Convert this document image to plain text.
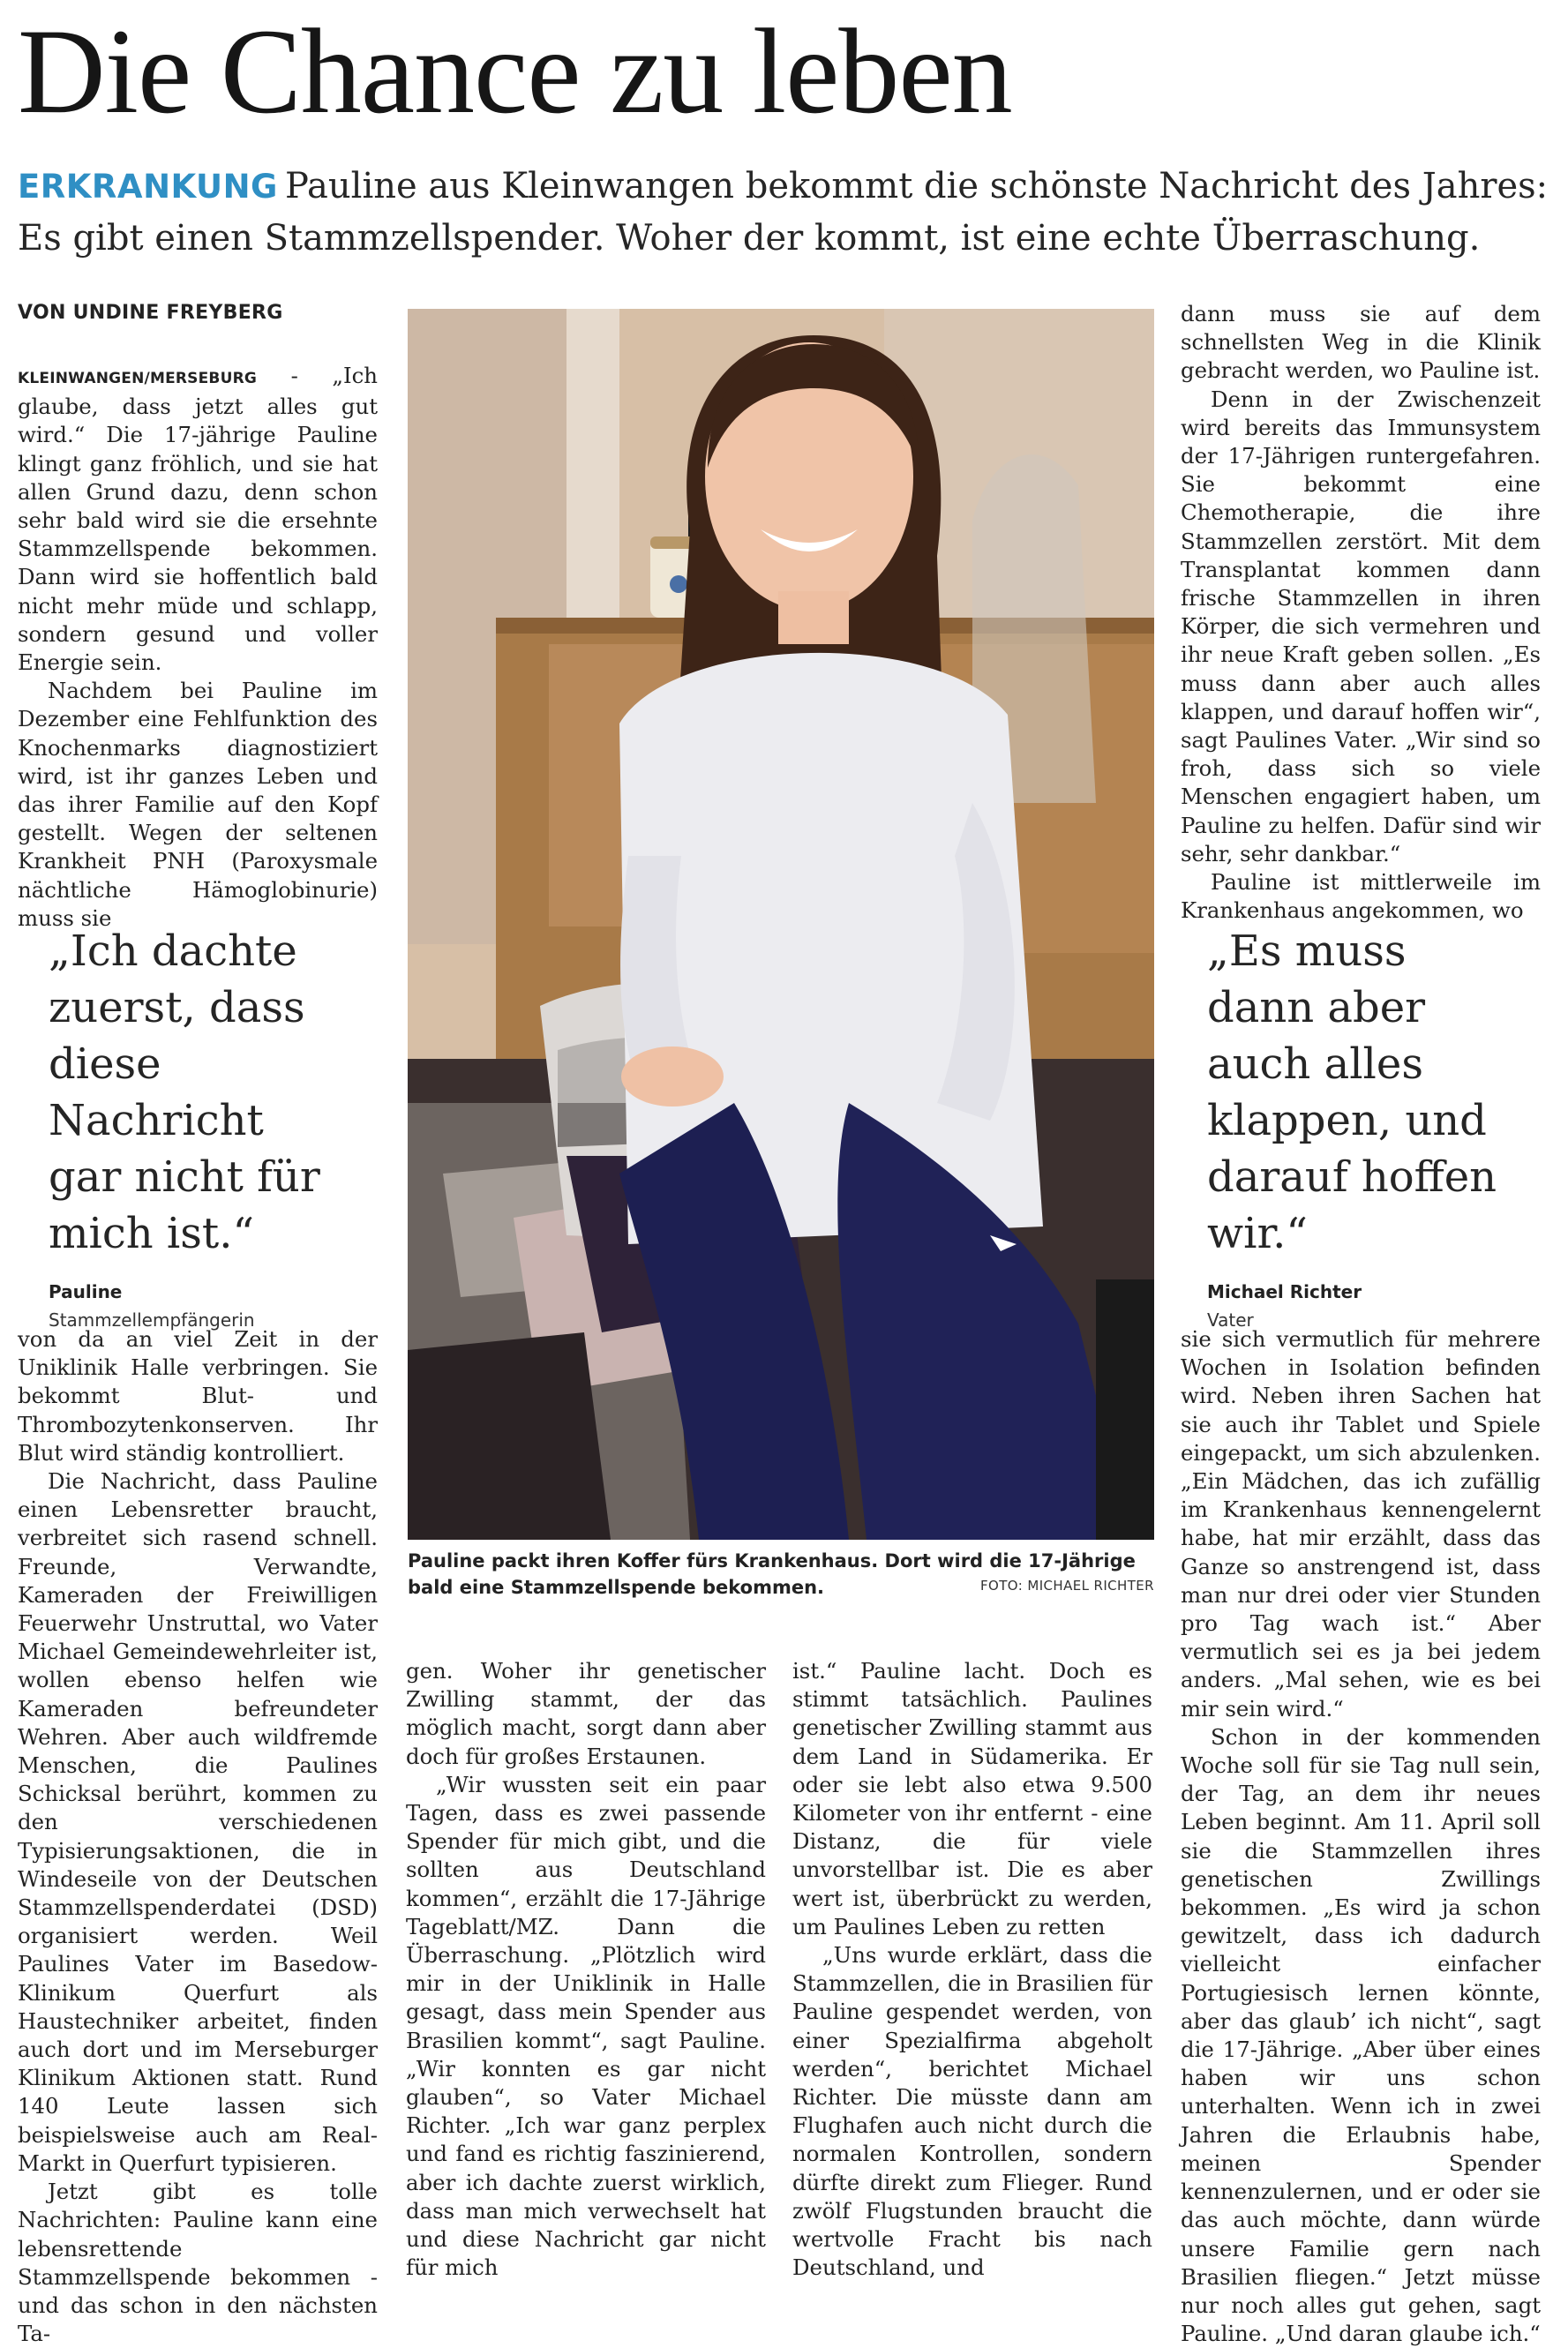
Die Chance zu leben
ERKRANKUNG Pauline aus Kleinwangen bekommt die schönste Nachricht des Jahres: Es gibt einen Stammzellspender. Woher der kommt, ist eine echte Überraschung.
VON UNDINE FREYBERG

KLEINWANGEN/MERSEBURG - „Ich glaube, dass jetzt alles gut wird.“ Die 17-jährige Pauline klingt ganz fröhlich, und sie hat allen Grund dazu, denn schon sehr bald wird sie die ersehnte Stammzellspende bekommen. Dann wird sie hoffentlich bald nicht mehr müde und schlapp, sondern gesund und voller Energie sein.

Nachdem bei Pauline im Dezember eine Fehlfunktion des Knochenmarks diagnostiziert wird, ist ihr ganzes Leben und das ihrer Familie auf den Kopf gestellt. Wegen der seltenen Krankheit PNH (Paroxysmale nächtliche Hämoglobinurie) muss sie

„Ich dachte zuerst, dass diese Nachricht gar nicht für mich ist.“
Pauline
Stammzellempfängerin

von da an viel Zeit in der Uniklinik Halle verbringen. Sie bekommt Blut- und Thrombozytenkonserven. Ihr Blut wird ständig kontrolliert.

Die Nachricht, dass Pauline einen Lebensretter braucht, verbreitet sich rasend schnell. Freunde, Verwandte, Kameraden der Freiwilligen Feuerwehr Unstruttal, wo Vater Michael Gemeindewehrleiter ist, wollen ebenso helfen wie Kameraden befreundeter Wehren. Aber auch wildfremde Menschen, die Paulines Schicksal berührt, kommen zu den verschiedenen Typisierungsaktionen, die in Windeseile von der Deutschen Stammzellspenderdatei (DSD) organisiert werden. Weil Paulines Vater im Basedow-Klinikum Querfurt als Haustechniker arbeitet, finden auch dort und im Merseburger Klinikum Aktionen statt. Rund 140 Leute lassen sich beispielsweise auch am Real-Markt in Querfurt typisieren.

Jetzt gibt es tolle Nachrichten: Pauline kann eine lebensrettende Stammzellspende bekommen - und das schon in den nächsten Ta-

Pauline packt ihren Koffer fürs Krankenhaus. Dort wird die 17-Jährige bald eine Stammzellspende bekommen.	FOTO: MICHAEL RICHTER

gen. Woher ihr genetischer Zwilling stammt, der das möglich macht, sorgt dann aber doch für großes Erstaunen.

„Wir wussten seit ein paar Tagen, dass es zwei passende Spender für mich gibt, und die sollten aus Deutschland kommen“, erzählt die 17-Jährige Tageblatt/MZ. Dann die Überraschung. „Plötzlich wird mir in der Uniklinik in Halle gesagt, dass mein Spender aus Brasilien kommt“, sagt Pauline. „Wir konnten es gar nicht glauben“, so Vater Michael Richter. „Ich war ganz perplex und fand es richtig faszinierend, aber ich dachte zuerst wirklich, dass man mich verwechselt hat und diese Nachricht gar nicht für mich

ist.“ Pauline lacht. Doch es stimmt tatsächlich. Paulines genetischer Zwilling stammt aus dem Land in Südamerika. Er oder sie lebt also etwa 9.500 Kilometer von ihr entfernt - eine Distanz, die für viele unvorstellbar ist. Die es aber wert ist, überbrückt zu werden, um Paulines Leben zu retten

„Uns wurde erklärt, dass die Stammzellen, die in Brasilien für Pauline gespendet werden, von einer Spezialfirma abgeholt werden“, berichtet Michael Richter. Die müsste dann am Flughafen auch nicht durch die normalen Kontrollen, sondern dürfte direkt zum Flieger. Rund zwölf Flugstunden braucht die wertvolle Fracht bis nach Deutschland, und

dann muss sie auf dem schnellsten Weg in die Klinik gebracht werden, wo Pauline ist.

Denn in der Zwischenzeit wird bereits das Immunsystem der 17-Jährigen runtergefahren. Sie bekommt eine Chemotherapie, die ihre Stammzellen zerstört. Mit dem Transplantat kommen dann frische Stammzellen in ihren Körper, die sich vermehren und ihr neue Kraft geben sollen. „Es muss dann aber auch alles klappen, und darauf hoffen wir“, sagt Paulines Vater. „Wir sind so froh, dass sich so viele Menschen engagiert haben, um Pauline zu helfen. Dafür sind wir sehr, sehr dankbar.“

Pauline ist mittlerweile im Krankenhaus angekommen, wo

„Es muss dann aber auch alles klappen, und darauf hoffen wir.“
Michael Richter
Vater

sie sich vermutlich für mehrere Wochen in Isolation befinden wird. Neben ihren Sachen hat sie auch ihr Tablet und Spiele eingepackt, um sich abzulenken. „Ein Mädchen, das ich zufällig im Krankenhaus kennengelernt habe, hat mir erzählt, dass das Ganze so anstrengend ist, dass man nur drei oder vier Stunden pro Tag wach ist.“ Aber vermutlich sei es ja bei jedem anders. „Mal sehen, wie es bei mir sein wird.“

Schon in der kommenden Woche soll für sie Tag null sein, der Tag, an dem ihr neues Leben beginnt. Am 11. April soll sie die Stammzellen ihres genetischen Zwillings bekommen. „Es wird ja schon gewitzelt, dass ich dadurch vielleicht einfacher Portugiesisch lernen könnte, aber das glaub’ ich nicht“, sagt die 17-Jährige. „Aber über eines haben wir uns schon unterhalten. Wenn ich in zwei Jahren die Erlaubnis habe, meinen Spender kennenzulernen, und er oder sie das auch möchte, dann würde unsere Familie gern nach Brasilien fliegen.“ Jetzt müsse nur noch alles gut gehen, sagt Pauline. „Und daran glaube ich.“
